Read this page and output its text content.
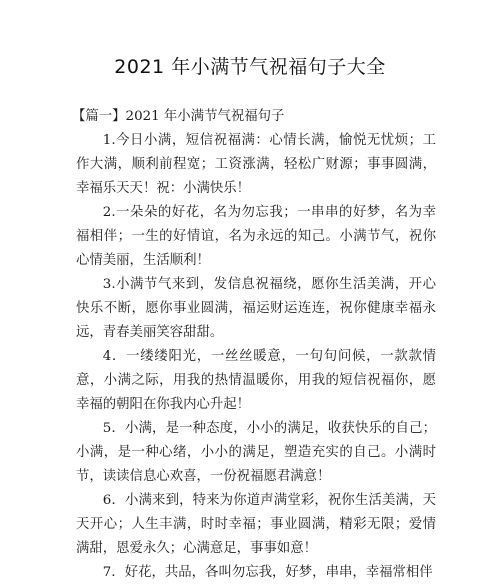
2021 年小满节气祝福句子大全

【篇一】2021 年小满节气祝福句子

1.今日小满，短信祝福满：心情长满，愉悦无忧烦；工作大满，顺利前程宽；工资涨满，轻松广财源；事事圆满，幸福乐天天！祝：小满快乐！

2.一朵朵的好花，名为勿忘我；一串串的好梦，名为幸福相伴；一生的好情谊，名为永远的知己。小满节气，祝你心情美丽，生活顺利！

3.小满节气来到，发信息祝福绕，愿你生活美满，开心快乐不断，愿你事业圆满，福运财运连连，祝你健康幸福永远，青春美丽笑容甜甜。

4．一缕缕阳光，一丝丝暖意，一句句问候，一款款情意，小满之际，用我的热情温暖你，用我的短信祝福你，愿幸福的朝阳在你我内心升起！

5．小满，是一种态度，小小的满足，收获快乐的自己；小满，是一种心绪，小小的满足，塑造充实的自己。小满时节，读读信息心欢喜，一份祝福愿君满意！

6．小满来到，特来为你道声满堂彩，祝你生活美满，天天开心；人生丰满，时时幸福；事业圆满，精彩无限；爱情满甜，恩爱永久；心满意足，事事如意！

7．好花，共品，各叫勿忘我，好梦，串串，幸福常相伴
